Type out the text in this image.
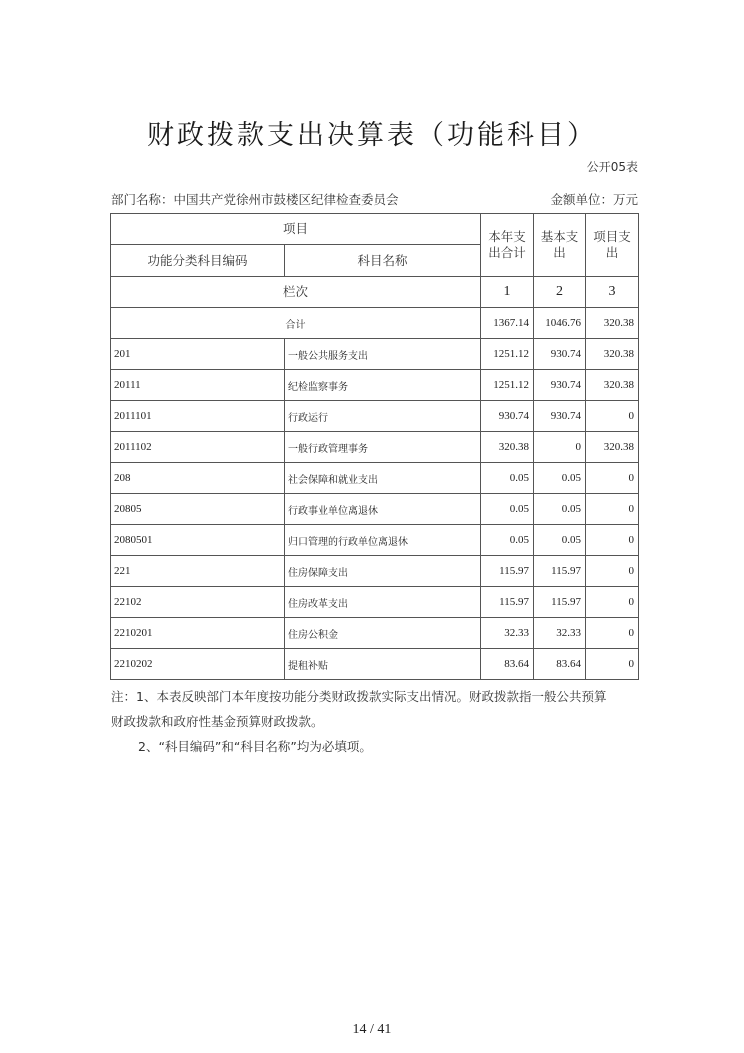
财政拨款支出决算表（功能科目）
公开05表
部门名称：中国共产党徐州市鼓楼区纪律检查委员会	金额单位：万元
项目		本年支出合计	基本支出	项目支出
功能分类科目编码	科目名称			
栏次		1	2	3
合计		1367.14	1046.76	320.38
201	一般公共服务支出	1251.12	930.74	320.38
20111	纪检监察事务	1251.12	930.74	320.38
2011101	行政运行	930.74	930.74	0
2011102	一般行政管理事务	320.38	0	320.38
208	社会保障和就业支出	0.05	0.05	0
20805	行政事业单位离退休	0.05	0.05	0
2080501	归口管理的行政单位离退休	0.05	0.05	0
221	住房保障支出	115.97	115.97	0
22102	住房改革支出	115.97	115.97	0
2210201	住房公积金	32.33	32.33	0
2210202	提租补贴	83.64	83.64	0
注：1、本表反映部门本年度按功能分类财政拨款实际支出情况。财政拨款指一般公共预算
财政拨款和政府性基金预算财政拨款。
2、“科目编码”和“科目名称”均为必填项。
14 / 41
